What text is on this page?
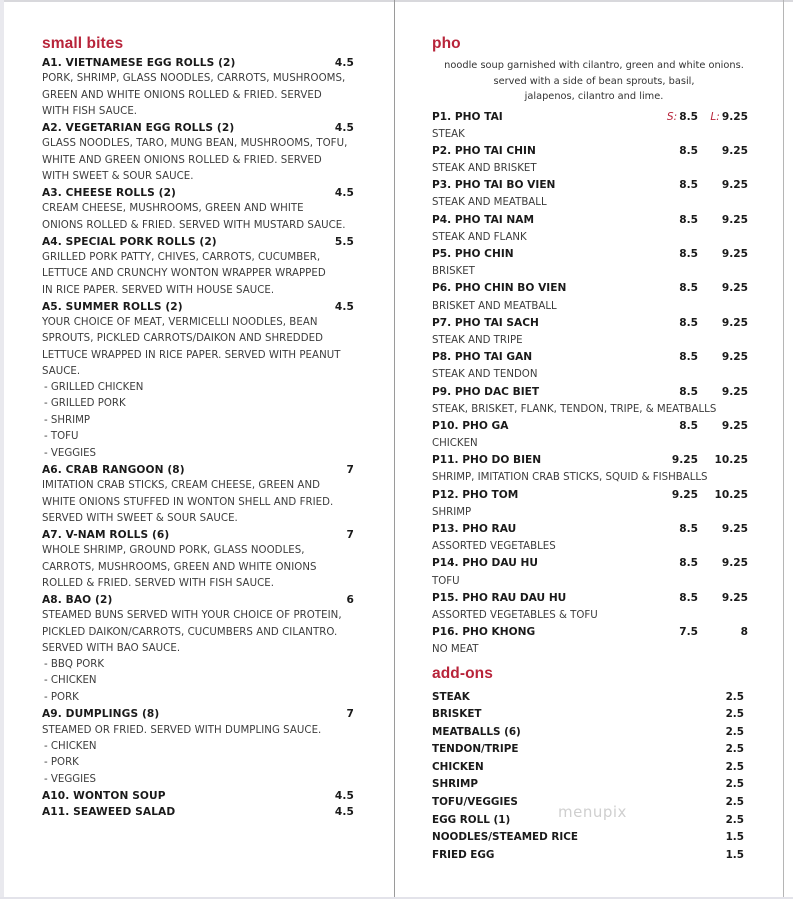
small bites
A1. VIETNAMESE EGG ROLLS (2)	4.5
PORK, SHRIMP, GLASS NOODLES, CARROTS, MUSHROOMS,
GREEN AND WHITE ONIONS ROLLED & FRIED. SERVED
WITH FISH SAUCE.
A2. VEGETARIAN EGG ROLLS (2)	4.5
GLASS NOODLES, TARO, MUNG BEAN, MUSHROOMS, TOFU,
WHITE AND GREEN ONIONS ROLLED & FRIED. SERVED
WITH SWEET & SOUR SAUCE.
A3. CHEESE ROLLS (2)	4.5
CREAM CHEESE, MUSHROOMS, GREEN AND WHITE
ONIONS ROLLED & FRIED. SERVED WITH MUSTARD SAUCE.
A4. SPECIAL PORK ROLLS (2)	5.5
GRILLED PORK PATTY, CHIVES, CARROTS, CUCUMBER,
LETTUCE AND CRUNCHY WONTON WRAPPER WRAPPED
IN RICE PAPER. SERVED WITH HOUSE SAUCE.
A5. SUMMER ROLLS (2)	4.5
YOUR CHOICE OF MEAT, VERMICELLI NOODLES, BEAN
SPROUTS, PICKLED CARROTS/DAIKON AND SHREDDED
LETTUCE WRAPPED IN RICE PAPER. SERVED WITH PEANUT
SAUCE.
- GRILLED CHICKEN
- GRILLED PORK
- SHRIMP
- TOFU
- VEGGIES
A6. CRAB RANGOON (8)	7
IMITATION CRAB STICKS, CREAM CHEESE, GREEN AND
WHITE ONIONS STUFFED IN WONTON SHELL AND FRIED.
SERVED WITH SWEET & SOUR SAUCE.
A7. V-NAM ROLLS (6)	7
WHOLE SHRIMP, GROUND PORK, GLASS NOODLES,
CARROTS, MUSHROOMS, GREEN AND WHITE ONIONS
ROLLED & FRIED. SERVED WITH FISH SAUCE.
A8. BAO (2)	6
STEAMED BUNS SERVED WITH YOUR CHOICE OF PROTEIN,
PICKLED DAIKON/CARROTS, CUCUMBERS AND CILANTRO.
SERVED WITH BAO SAUCE.
- BBQ PORK
- CHICKEN
- PORK
A9. DUMPLINGS (8)	7
STEAMED OR FRIED. SERVED WITH DUMPLING SAUCE.
- CHICKEN
- PORK
- VEGGIES
A10. WONTON SOUP	4.5
A11. SEAWEED SALAD	4.5
pho
noodle soup garnished with cilantro, green and white onions.
served with a side of bean sprouts, basil,
jalapenos, cilantro and lime.
P1. PHO TAI	S: 8.5	L: 9.25
STEAK
P2. PHO TAI CHIN	8.5	9.25
STEAK AND BRISKET
P3. PHO TAI BO VIEN	8.5	9.25
STEAK AND MEATBALL
P4. PHO TAI NAM	8.5	9.25
STEAK AND FLANK
P5. PHO CHIN	8.5	9.25
BRISKET
P6. PHO CHIN BO VIEN	8.5	9.25
BRISKET AND MEATBALL
P7. PHO TAI SACH	8.5	9.25
STEAK AND TRIPE
P8. PHO TAI GAN	8.5	9.25
STEAK AND TENDON
P9. PHO DAC BIET	8.5	9.25
STEAK, BRISKET, FLANK, TENDON, TRIPE, & MEATBALLS
P10. PHO GA	8.5	9.25
CHICKEN
P11. PHO DO BIEN	9.25	10.25
SHRIMP, IMITATION CRAB STICKS, SQUID & FISHBALLS
P12. PHO TOM	9.25	10.25
SHRIMP
P13. PHO RAU	8.5	9.25
ASSORTED VEGETABLES
P14. PHO DAU HU	8.5	9.25
TOFU
P15. PHO RAU DAU HU	8.5	9.25
ASSORTED VEGETABLES & TOFU
P16. PHO KHONG	7.5	8
NO MEAT
add-ons
STEAK	2.5
BRISKET	2.5
MEATBALLS (6)	2.5
TENDON/TRIPE	2.5
CHICKEN	2.5
SHRIMP	2.5
TOFU/VEGGIES	2.5
EGG ROLL (1)	2.5
NOODLES/STEAMED RICE	1.5
FRIED EGG	1.5
menupix
